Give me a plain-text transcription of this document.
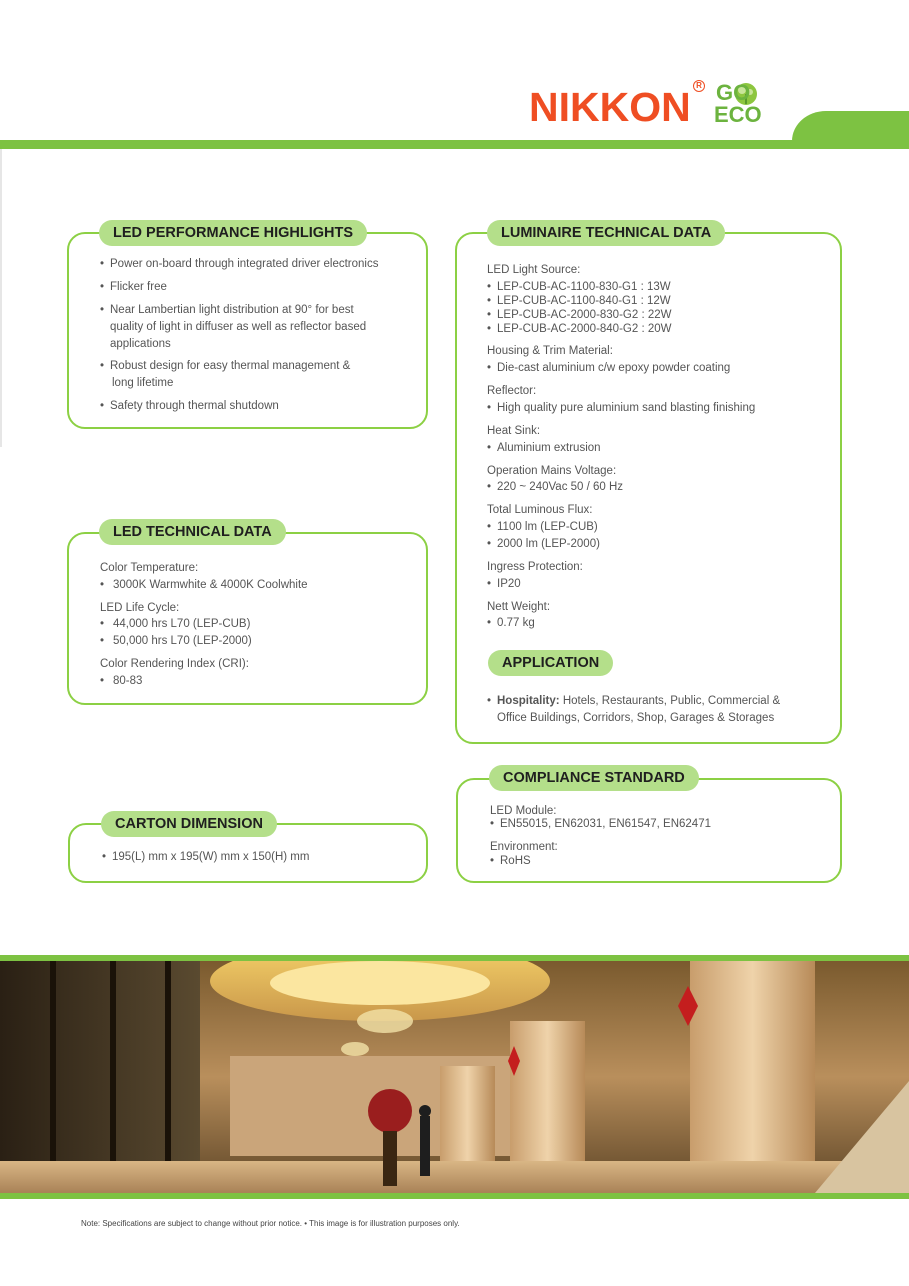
NIKKON R GO
ECO
LED PERFORMANCE HIGHLIGHTS
• Power on-board through integrated driver electronics
• Flicker free
• Near Lambertian light distribution at 90° for best
quality of light in diffuser as well as reflector based
applications
• Robust design for easy thermal management &
long lifetime
• Safety through thermal shutdown
LED TECHNICAL DATA
Color Temperature:
• 3000K Warmwhite & 4000K Coolwhite
LED Life Cycle:
• 44,000 hrs L70 (LEP-CUB)
• 50,000 hrs L70 (LEP-2000)
Color Rendering Index (CRI):
• 80-83
CARTON DIMENSION
• 195(L) mm x 195(W) mm x 150(H) mm
LUMINAIRE TECHNICAL DATA
LED Light Source:
• LEP-CUB-AC-1100-830-G1 : 13W
• LEP-CUB-AC-1100-840-G1 : 12W
• LEP-CUB-AC-2000-830-G2 : 22W
• LEP-CUB-AC-2000-840-G2 : 20W
Housing & Trim Material:
• Die-cast aluminium c/w epoxy powder coating
Reflector:
• High quality pure aluminium sand blasting finishing
Heat Sink:
• Aluminium extrusion
Operation Mains Voltage:
• 220 ~ 240Vac 50 / 60 Hz
Total Luminous Flux:
• 1100 lm (LEP-CUB)
• 2000 lm (LEP-2000)
Ingress Protection:
• IP20
Nett Weight:
• 0.77 kg
APPLICATION
• Hospitality: Hotels, Restaurants, Public, Commercial &
Office Buildings, Corridors, Shop, Garages & Storages
COMPLIANCE STANDARD
LED Module:
• EN55015, EN62031, EN61547, EN62471
Environment:
• RoHS
Note: Specifications are subject to change without prior notice. • This image is for illustration purposes only.
